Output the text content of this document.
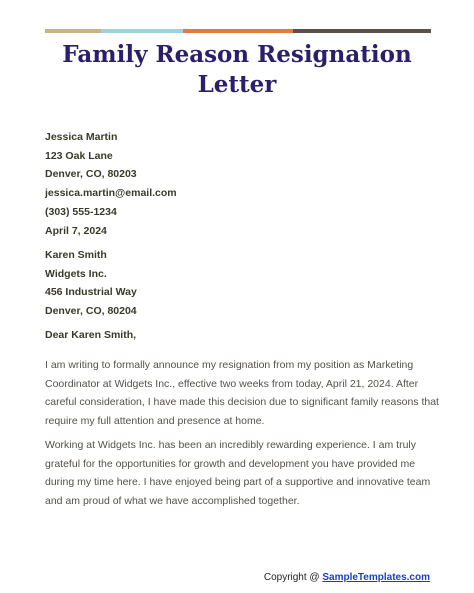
Family Reason Resignation Letter
Jessica Martin
123 Oak Lane
Denver, CO, 80203
jessica.martin@email.com
(303) 555-1234
April 7, 2024
Karen Smith
Widgets Inc.
456 Industrial Way
Denver, CO, 80204
Dear Karen Smith,

I am writing to formally announce my resignation from my position as Marketing Coordinator at Widgets Inc., effective two weeks from today, April 21, 2024. After careful consideration, I have made this decision due to significant family reasons that require my full attention and presence at home.

Working at Widgets Inc. has been an incredibly rewarding experience. I am truly grateful for the opportunities for growth and development you have provided me during my time here. I have enjoyed being part of a supportive and innovative team and am proud of what we have accomplished together.

Copyright @ SampleTemplates.com
